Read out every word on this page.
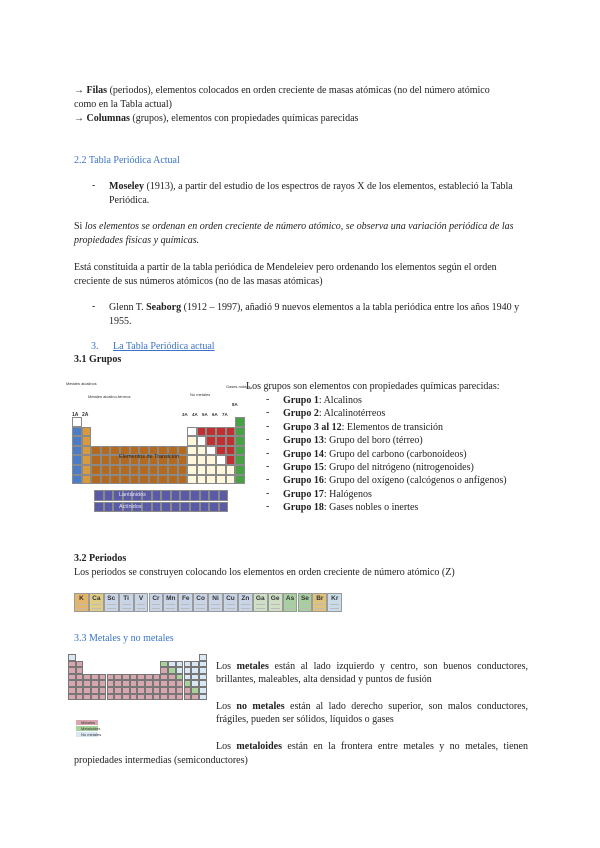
→ Filas (periodos), elementos colocados en orden creciente de masas atómicas (no del número atómico
como en la Tabla actual)
→ Columnas (grupos), elementos con propiedades químicas parecidas
2.2 Tabla Periódica Actual
- Moseley (1913), a partir del estudio de los espectros de rayos X de los elementos, estableció la Tabla
Periódica.
Si los elementos se ordenan en orden creciente de número atómico, se observa una variación periódica de las
propiedades físicas y químicas.
Está constituida a partir de la tabla periódica de Mendeleiev pero ordenando los elementos según el orden
creciente de sus números atómicos (no de las masas atómicas)
- Glenn T. Seaborg (1912 – 1997), añadió 9 nuevos elementos a la tabla periódica entre los años 1940 y
1955.
3. La Tabla Periódica actual
3.1 Grupos
Metales alcalinos
Metales alcalino-térreos	No metales
Gases nobles
1A 2A	3A 4A 5A 6A 7A
8A
Elementos de Transición
Lantánidos
Actínidos
Los grupos son elementos con propiedades químicas parecidas:
- Grupo 1: Alcalinos
- Grupo 2: Alcalinotérreos
- Grupo 3 al 12: Elementos de transición
- Grupo 13: Grupo del boro (térreo)
- Grupo 14: Grupo del carbono (carbonoideos)
- Grupo 15: Grupo del nitrógeno (nitrogenoides)
- Grupo 16: Grupo del oxígeno (calcógenos o anfígenos)
- Grupo 17: Halógenos
- Grupo 18: Gases nobles o inertes
3.2 Periodos
Los periodos se construyen colocando los elementos en orden creciente de número atómico (Z)
K	Ca	Sc	Ti	V	Cr	Mn Fe	Co	Ni	Cu	Zn	Ga Ge As	Se	Br	Kr
3.3 Metales y no metales
Metales
Metaloides
No metales
Los metales están al lado izquierdo y centro, son buenos conductores,
brillantes, maleables, alta densidad y puntos de fusión
Los no metales están al lado derecho superior, son malos conductores,
frágiles, pueden ser sólidos, líquidos o gases
Los metaloides están en la frontera entre metales y no metales, tienen
propiedades intermedias (semiconductores)
